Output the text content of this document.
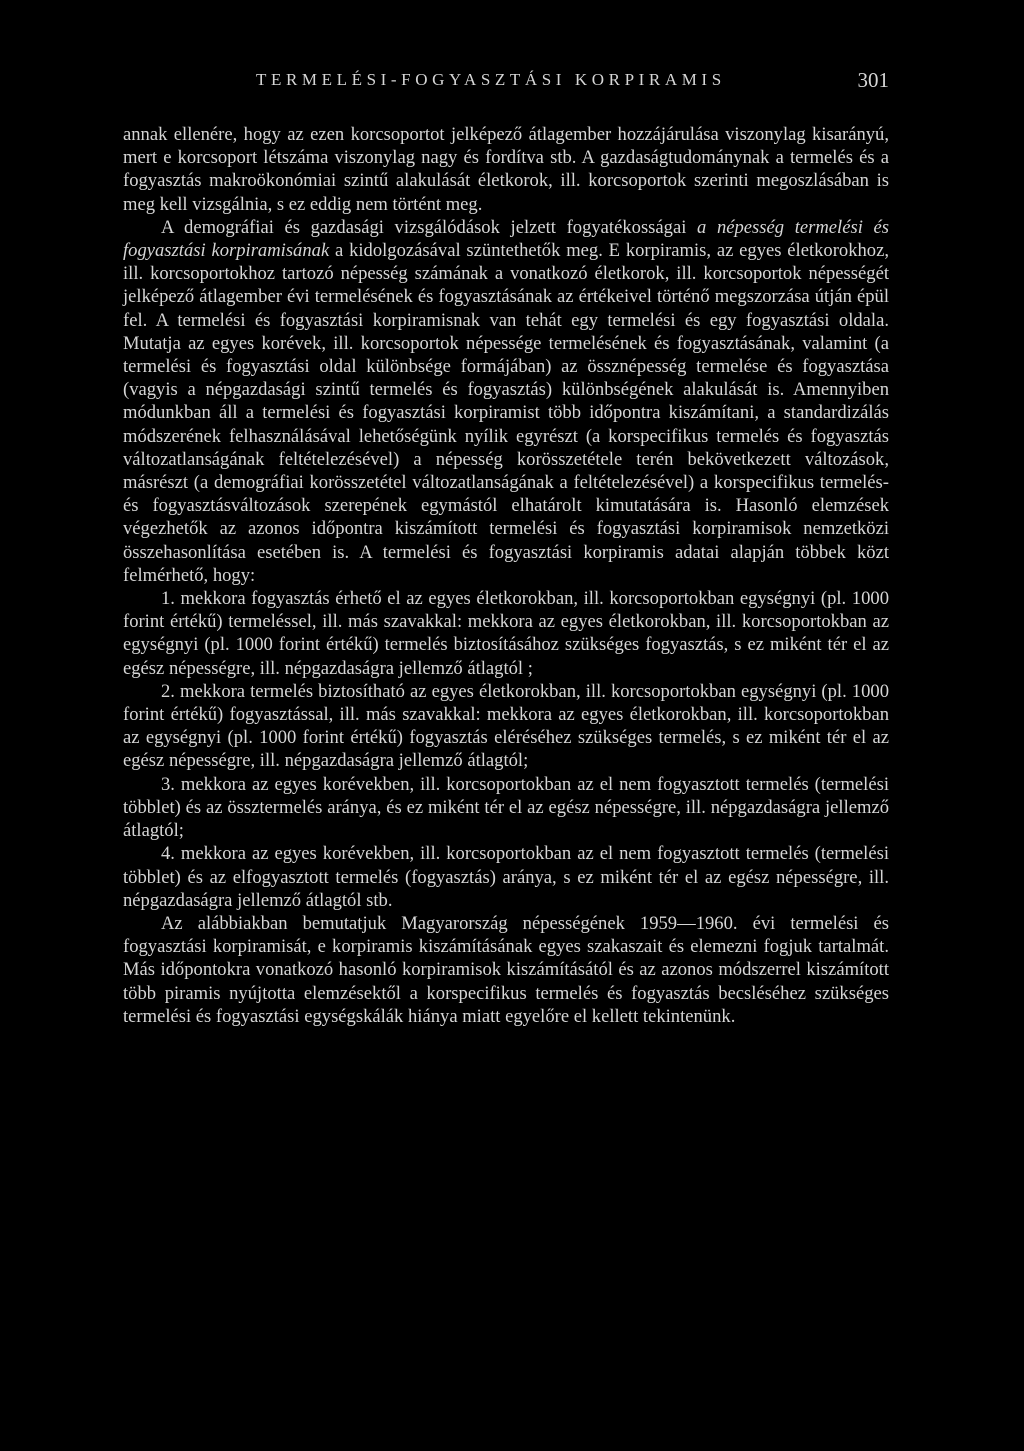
TERMELÉSI-FOGYASZTÁSI KORPIRAMIS	301

annak ellenére, hogy az ezen korcsoportot jelképező átlagember hozzájárulása viszonylag kisarányú, mert e korcsoport létszáma viszonylag nagy és fordítva stb. A gazdaságtudománynak a termelés és a fogyasztás makroökonómiai szintű alakulását életkorok, ill. korcsoportok szerinti megoszlásában is meg kell vizsgálnia, s ez eddig nem történt meg.

A demográfiai és gazdasági vizsgálódások jelzett fogyatékosságai a népesség termelési és fogyasztási korpiramisának a kidolgozásával szüntethetők meg. E korpiramis, az egyes életkorokhoz, ill. korcsoportokhoz tartozó népesség számának a vonatkozó életkorok, ill. korcsoportok népességét jelképező átlagember évi termelésének és fogyasztásának az értékeivel történő megszorzása útján épül fel. A termelési és fogyasztási korpiramisnak van tehát egy termelési és egy fogyasztási oldala. Mutatja az egyes korévek, ill. korcsoportok népessége termelésének és fogyasztásának, valamint (a termelési és fogyasztási oldal különbsége formájában) az össznépesség termelése és fogyasztása (vagyis a népgazdasági szintű termelés és fogyasztás) különbségének alakulását is. Amennyiben módunkban áll a termelési és fogyasztási korpiramist több időpontra kiszámítani, a standardizálás módszerének felhasználásával lehetőségünk nyílik egyrészt (a korspecifikus termelés és fogyasztás változatlanságának feltételezésével) a népesség korösszetétele terén bekövetkezett változások, másrészt (a demográfiai korösszetétel változatlanságának a feltételezésével) a korspecifikus termelés- és fogyasztásváltozások szerepének egymástól elhatárolt kimutatására is. Hasonló elemzések végezhetők az azonos időpontra kiszámított termelési és fogyasztási korpiramisok nemzetközi összehasonlítása esetében is. A termelési és fogyasztási korpiramis adatai alapján többek közt felmérhető, hogy:

1. mekkora fogyasztás érhető el az egyes életkorokban, ill. korcsoportokban egységnyi (pl. 1000 forint értékű) termeléssel, ill. más szavakkal: mekkora az egyes életkorokban, ill. korcsoportokban az egységnyi (pl. 1000 forint értékű) termelés biztosításához szükséges fogyasztás, s ez miként tér el az egész népességre, ill. népgazdaságra jellemző átlagtól ;

2. mekkora termelés biztosítható az egyes életkorokban, ill. korcsoportokban egységnyi (pl. 1000 forint értékű) fogyasztással, ill. más szavakkal: mekkora az egyes életkorokban, ill. korcsoportokban az egységnyi (pl. 1000 forint értékű) fogyasztás eléréséhez szükséges termelés, s ez miként tér el az egész népességre, ill. népgazdaságra jellemző átlagtól;

3. mekkora az egyes korévekben, ill. korcsoportokban az el nem fogyasztott termelés (termelési többlet) és az össztermelés aránya, és ez miként tér el az egész népességre, ill. népgazdaságra jellemző átlagtól;

4. mekkora az egyes korévekben, ill. korcsoportokban az el nem fogyasztott termelés (termelési többlet) és az elfogyasztott termelés (fogyasztás) aránya, s ez miként tér el az egész népességre, ill. népgazdaságra jellemző átlagtól stb.

Az alábbiakban bemutatjuk Magyarország népességének 1959—1960. évi termelési és fogyasztási korpiramisát, e korpiramis kiszámításának egyes szakaszait és elemezni fogjuk tartalmát. Más időpontokra vonatkozó hasonló korpiramisok kiszámításától és az azonos módszerrel kiszámított több piramis nyújtotta elemzésektől a korspecifikus termelés és fogyasztás becsléséhez szükséges termelési és fogyasztási egységskálák hiánya miatt egyelőre el kellett tekintenünk.
